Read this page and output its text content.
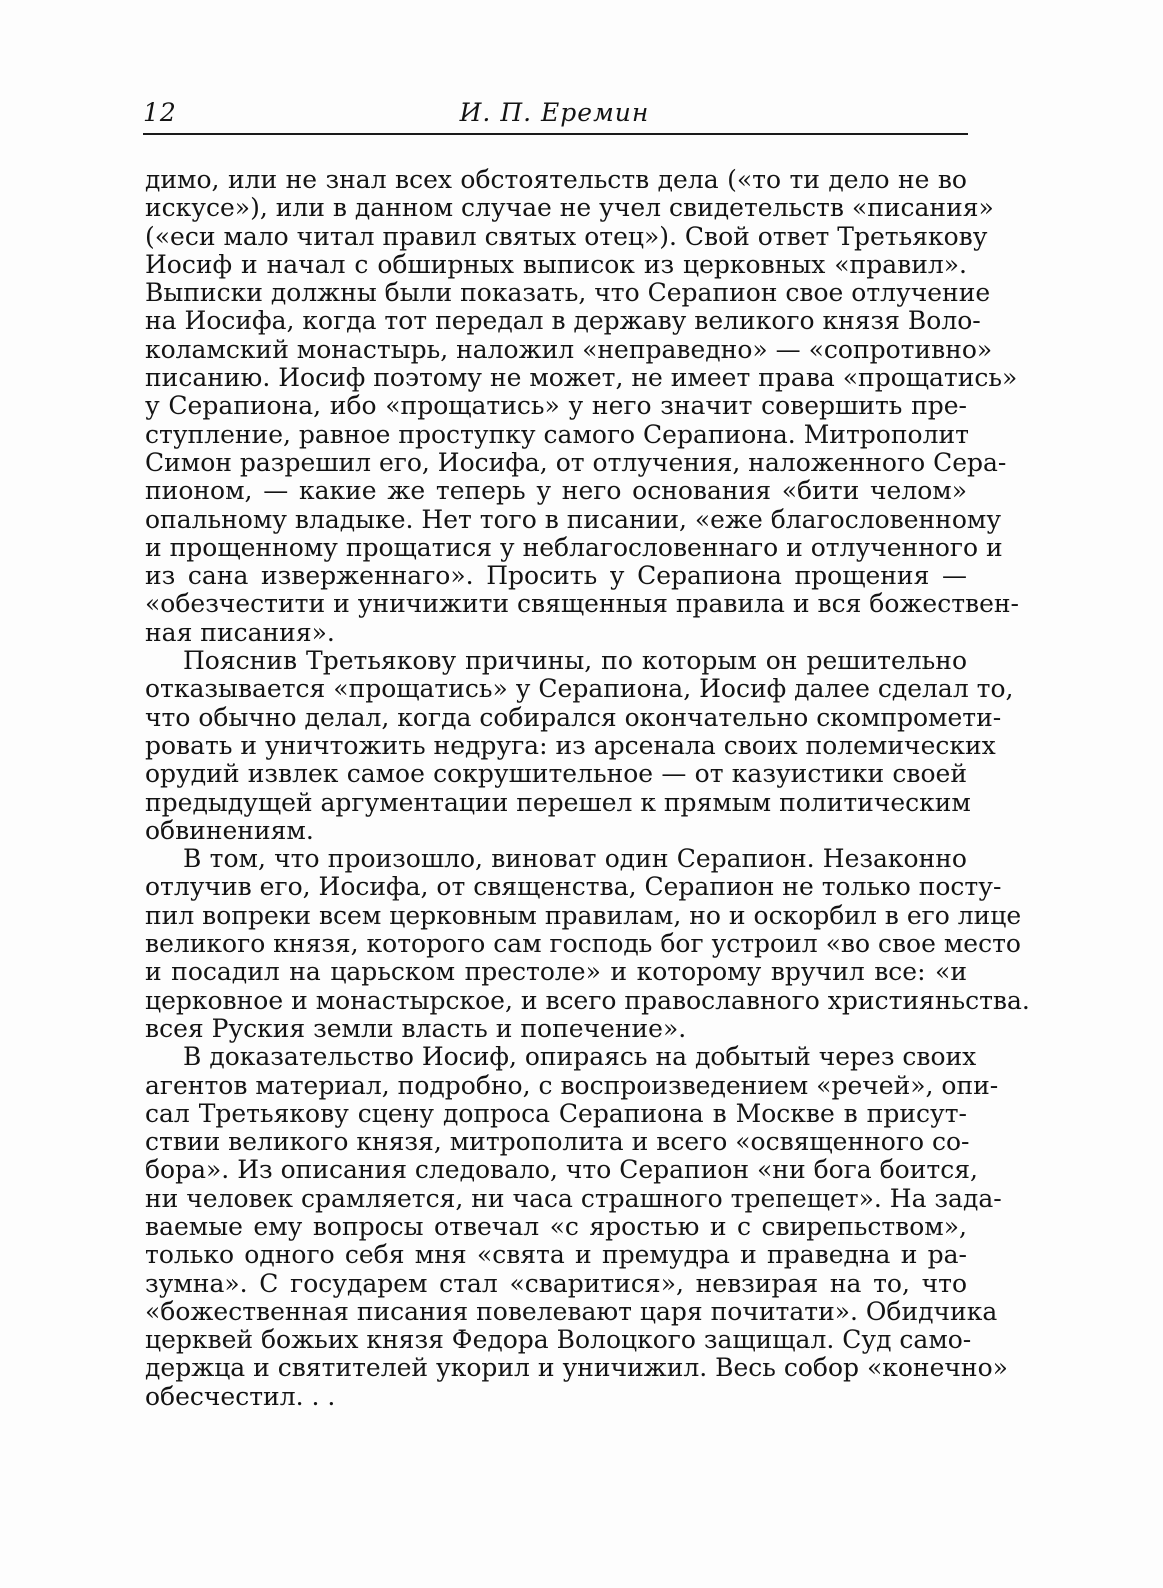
12	И. П. Еремин
димо, или не знал всех обстоятельств дела («то ти дело не во
искусе»), или в данном случае не учел свидетельств «писания»
(«еси мало читал правил святых отец»). Свой ответ Третьякову
Иосиф и начал с обширных выписок из церковных «правил».
Выписки должны были показать, что Серапион свое отлучение
на Иосифа, когда тот передал в державу великого князя Воло-
коламский монастырь, наложил «неправедно» — «сопротивно»
писанию. Иосиф поэтому не может, не имеет права «прощатись»
у Серапиона, ибо «прощатись» у него значит совершить пре-
ступление, равное проступку самого Серапиона. Митрополит
Симон разрешил его, Иосифа, от отлучения, наложенного Сера-
пионом, — какие же теперь у него основания «бити челом»
опальному владыке. Нет того в писании, «еже благословенному
и прощенному прощатися у неблагословеннаго и отлученного и
из сана изверженнаго». Просить у Серапиона прощения —
«обезчестити и уничижити священныя правила и вся божествен-
ная писания».
Пояснив Третьякову причины, по которым он решительно
отказывается «прощатись» у Серапиона, Иосиф далее сделал то,
что обычно делал, когда собирался окончательно скомпромети-
ровать и уничтожить недруга: из арсенала своих полемических
орудий извлек самое сокрушительное — от казуистики своей
предыдущей аргументации перешел к прямым политическим
обвинениям.
В том, что произошло, виноват один Серапион. Незаконно
отлучив его, Иосифа, от священства, Серапион не только посту-
пил вопреки всем церковным правилам, но и оскорбил в его лице
великого князя, которого сам господь бог устроил «во свое место
и посадил на царьском престоле» и которому вручил все: «и
церковное и монастырское, и всего православного християньства.
всея Руския земли власть и попечение».
В доказательство Иосиф, опираясь на добытый через своих
агентов материал, подробно, с воспроизведением «речей», опи-
сал Третьякову сцену допроса Серапиона в Москве в присут-
ствии великого князя, митрополита и всего «освященного со-
бора». Из описания следовало, что Серапион «ни бога боится,
ни человек срамляется, ни часа страшного трепещет». На зада-
ваемые ему вопросы отвечал «с яростью и с свирепьством»,
только одного себя мня «свята и премудра и праведна и ра-
зумна». С государем стал «сваритися», невзирая на то, что
«божественная писания повелевают царя почитати». Обидчика
церквей божьих князя Федора Волоцкого защищал. Суд само-
держца и святителей укорил и уничижил. Весь собор «конечно»
обесчестил. . .
